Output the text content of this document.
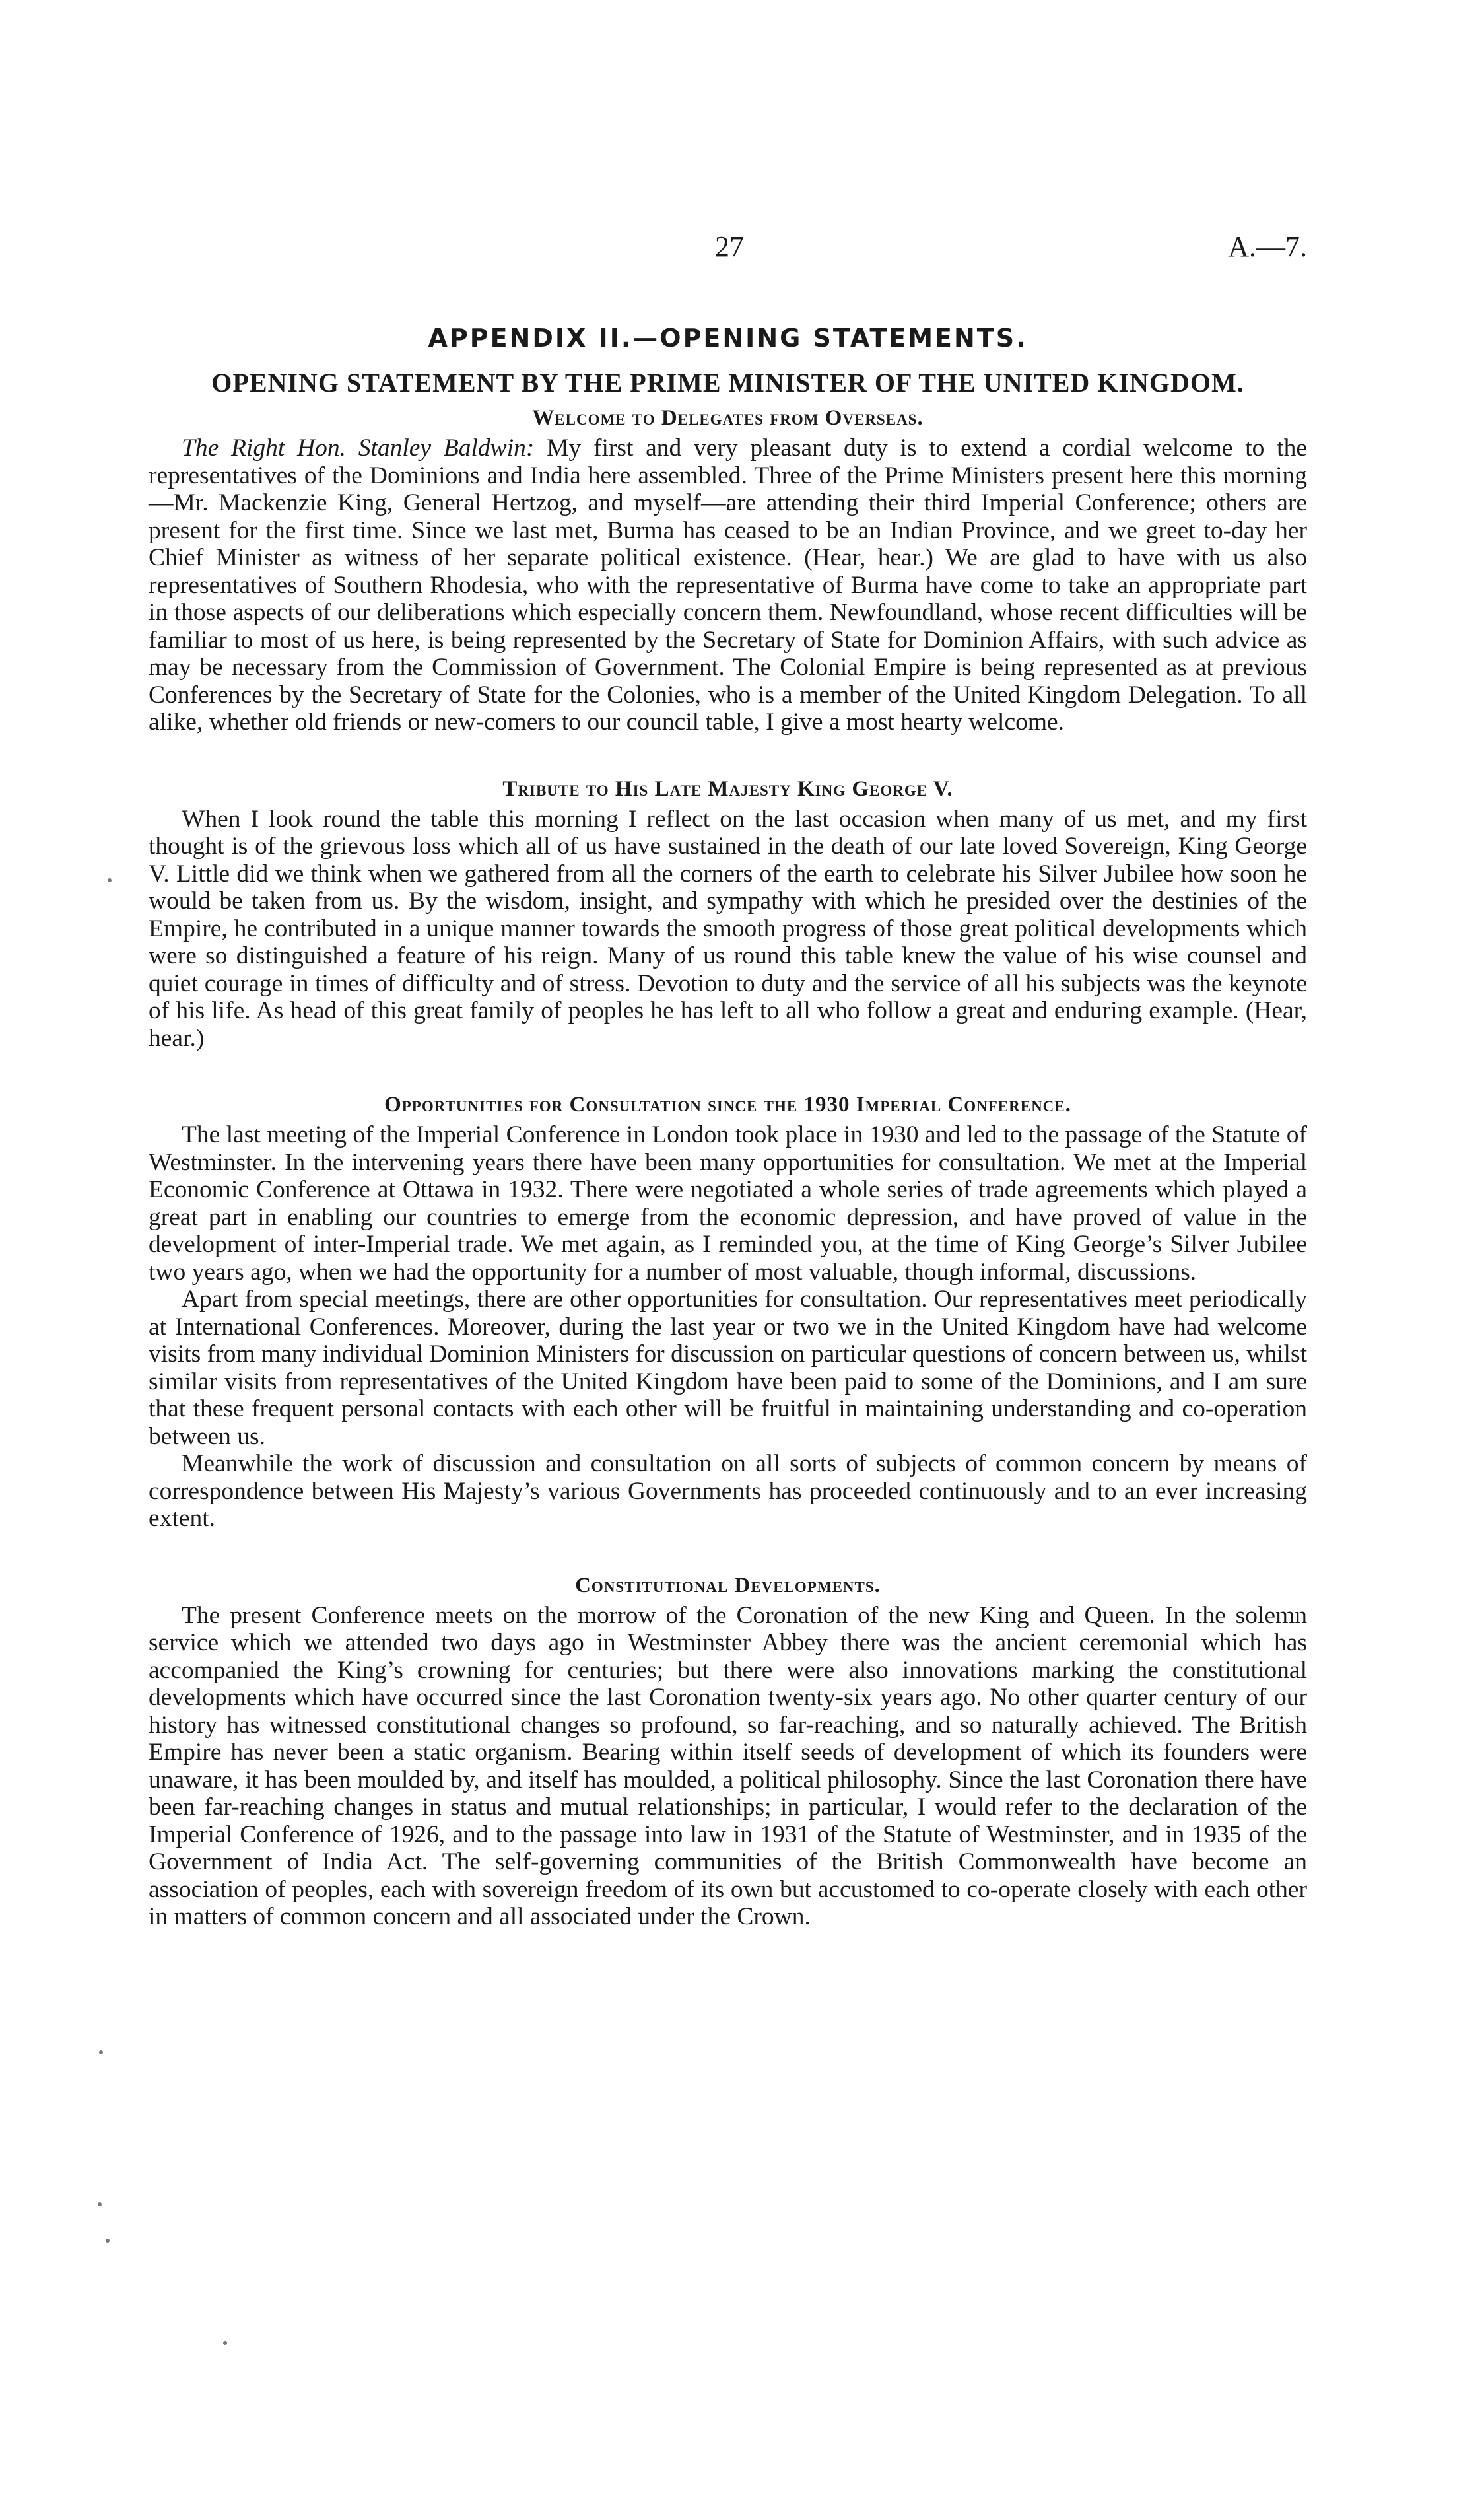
27	A.—7.
APPENDIX II.—OPENING STATEMENTS.
OPENING STATEMENT BY THE PRIME MINISTER OF THE UNITED KINGDOM.
Welcome to Delegates from Overseas.

The Right Hon. Stanley Baldwin: My first and very pleasant duty is to extend a cordial welcome to the representatives of the Dominions and India here assembled. Three of the Prime Ministers present here this morning—Mr. Mackenzie King, General Hertzog, and myself—are attending their third Imperial Conference; others are present for the first time. Since we last met, Burma has ceased to be an Indian Province, and we greet to-day her Chief Minister as witness of her separate political existence. (Hear, hear.) We are glad to have with us also representatives of Southern Rhodesia, who with the representative of Burma have come to take an appropriate part in those aspects of our deliberations which especially concern them. Newfoundland, whose recent difficulties will be familiar to most of us here, is being represented by the Secretary of State for Dominion Affairs, with such advice as may be necessary from the Commission of Government. The Colonial Empire is being represented as at previous Conferences by the Secretary of State for the Colonies, who is a member of the United Kingdom Delegation. To all alike, whether old friends or new-comers to our council table, I give a most hearty welcome.

Tribute to His Late Majesty King George V.

When I look round the table this morning I reflect on the last occasion when many of us met, and my first thought is of the grievous loss which all of us have sustained in the death of our late loved Sovereign, King George V. Little did we think when we gathered from all the corners of the earth to celebrate his Silver Jubilee how soon he would be taken from us. By the wisdom, insight, and sympathy with which he presided over the destinies of the Empire, he contributed in a unique manner towards the smooth progress of those great political developments which were so distinguished a feature of his reign. Many of us round this table knew the value of his wise counsel and quiet courage in times of difficulty and of stress. Devotion to duty and the service of all his subjects was the keynote of his life. As head of this great family of peoples he has left to all who follow a great and enduring example. (Hear, hear.)

Opportunities for Consultation since the 1930 Imperial Conference.

The last meeting of the Imperial Conference in London took place in 1930 and led to the passage of the Statute of Westminster. In the intervening years there have been many opportunities for consultation. We met at the Imperial Economic Conference at Ottawa in 1932. There were negotiated a whole series of trade agreements which played a great part in enabling our countries to emerge from the economic depression, and have proved of value in the development of inter-Imperial trade. We met again, as I reminded you, at the time of King George’s Silver Jubilee two years ago, when we had the opportunity for a number of most valuable, though informal, discussions.

Apart from special meetings, there are other opportunities for consultation. Our representatives meet periodically at International Conferences. Moreover, during the last year or two we in the United Kingdom have had welcome visits from many individual Dominion Ministers for discussion on particular questions of concern between us, whilst similar visits from representatives of the United Kingdom have been paid to some of the Dominions, and I am sure that these frequent personal contacts with each other will be fruitful in maintaining understanding and co-operation between us.

Meanwhile the work of discussion and consultation on all sorts of subjects of common concern by means of correspondence between His Majesty’s various Governments has proceeded continuously and to an ever increasing extent.

Constitutional Developments.

The present Conference meets on the morrow of the Coronation of the new King and Queen. In the solemn service which we attended two days ago in Westminster Abbey there was the ancient ceremonial which has accompanied the King’s crowning for centuries; but there were also innovations marking the constitutional developments which have occurred since the last Coronation twenty-six years ago. No other quarter century of our history has witnessed constitutional changes so profound, so far-reaching, and so naturally achieved. The British Empire has never been a static organism. Bearing within itself seeds of development of which its founders were unaware, it has been moulded by, and itself has moulded, a political philosophy. Since the last Coronation there have been far-reaching changes in status and mutual relationships; in particular, I would refer to the declaration of the Imperial Conference of 1926, and to the passage into law in 1931 of the Statute of Westminster, and in 1935 of the Government of India Act. The self-governing communities of the British Commonwealth have become an association of peoples, each with sovereign freedom of its own but accustomed to co-operate closely with each other in matters of common concern and all associated under the Crown.
